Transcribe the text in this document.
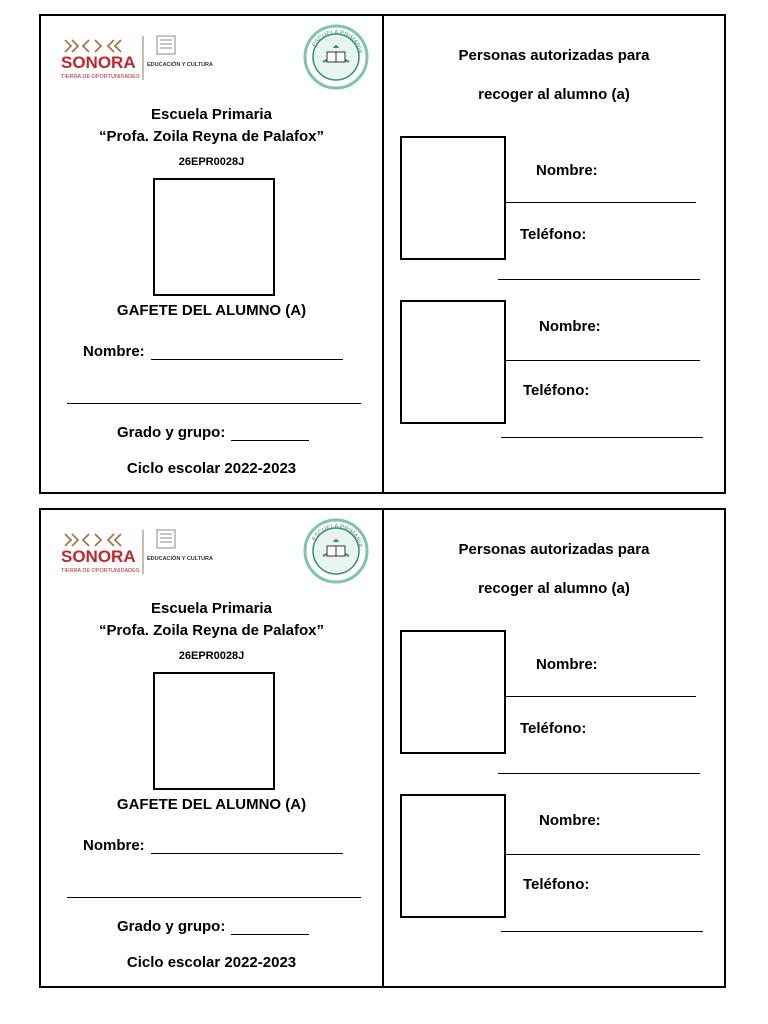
SONORA
TIERRA DE OPORTUNIDADES
EDUCACIÓN Y CULTURA
ESCUELA PRIMARIA
Escuela Primaria
“Profa. Zoila Reyna de Palafox”
26EPR0028J
GAFETE DEL ALUMNO (A)
Nombre:
Grado y grupo:
Ciclo escolar 2022-2023
Personas autorizadas para
recoger al alumno (a)
Nombre:
Teléfono:
Nombre:
Teléfono:
SONORA
TIERRA DE OPORTUNIDADES
EDUCACIÓN Y CULTURA
ESCUELA PRIMARIA
Escuela Primaria
“Profa. Zoila Reyna de Palafox”
26EPR0028J
GAFETE DEL ALUMNO (A)
Nombre:
Grado y grupo:
Ciclo escolar 2022-2023
Personas autorizadas para
recoger al alumno (a)
Nombre:
Teléfono:
Nombre:
Teléfono:
